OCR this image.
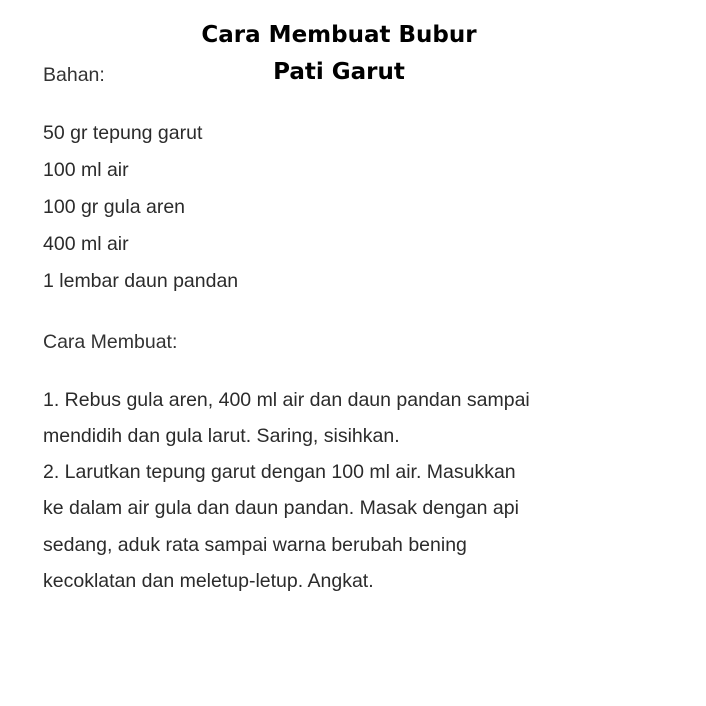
Cara Membuat Bubur
Pati Garut
Bahan:
50 gr tepung garut
100 ml air
100 gr gula aren
400 ml air
1 lembar daun pandan
Cara Membuat:
1. Rebus gula aren, 400 ml air dan daun pandan sampai
mendidih dan gula larut. Saring, sisihkan.
2. Larutkan tepung garut dengan 100 ml air. Masukkan
ke dalam air gula dan daun pandan. Masak dengan api
sedang, aduk rata sampai warna berubah bening
kecoklatan dan meletup-letup. Angkat.
